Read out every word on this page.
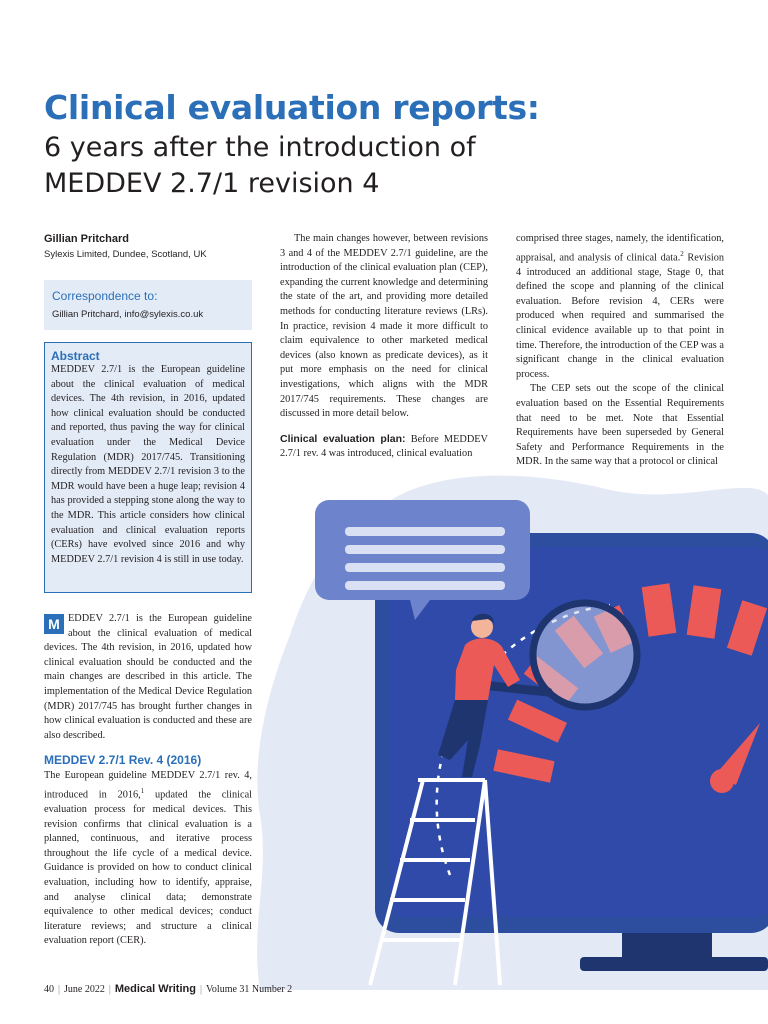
Clinical evaluation reports:
6 years after the introduction of
MEDDEV 2.7/1 revision 4
Gillian Pritchard
Sylexis Limited, Dundee, Scotland, UK
Correspondence to:
Gillian Pritchard, info@sylexis.co.uk
Abstract
MEDDEV 2.7/1 is the European guideline about the clinical evaluation of medical devices. The 4th revision, in 2016, updated how clinical evaluation should be conducted and reported, thus paving the way for clinical evaluation under the Medical Device Regulation (MDR) 2017/745. Transitioning directly from MEDDEV 2.7/1 revision 3 to the MDR would have been a huge leap; revision 4 has provided a stepping stone along the way to the MDR. This article considers how clinical evaluation and clinical evaluation reports (CERs) have evolved since 2016 and why MEDDEV 2.7/1 revision 4 is still in use today.
M EDDEV 2.7/1 is the European guideline about the clinical evaluation of medical devices. The 4th revision, in 2016, updated how clinical evaluation should be conducted and the main changes are described in this article. The implementation of the Medical Device Regulation (MDR) 2017/745 has brought further changes in how clinical evaluation is conducted and these are also described.
MEDDEV 2.7/1 Rev. 4 (2016)
The European guideline MEDDEV 2.7/1 rev. 4, introduced in 2016,$^1$ updated the clinical evaluation process for medical devices. This revision confirms that clinical evaluation is a planned, continuous, and iterative process throughout the life cycle of a medical device. Guidance is provided on how to conduct clinical evaluation, including how to identify, appraise, and analyse clinical data; demonstrate equivalence to other medical devices; conduct literature reviews; and structure a clinical evaluation report (CER).
The main changes however, between revisions 3 and 4 of the MEDDEV 2.7/1 guideline, are the introduction of the clinical evaluation plan (CEP), expanding the current knowledge and determining the state of the art, and providing more detailed methods for conducting literature reviews (LRs). In practice, revision 4 made it more difficult to claim equivalence to other marketed medical devices (also known as predicate devices), as it put more emphasis on the need for clinical investigations, which aligns with the MDR 2017/745 requirements. These changes are discussed in more detail below.
Clinical evaluation plan: Before MEDDEV 2.7/1 rev. 4 was introduced, clinical evaluation
comprised three stages, namely, the identification, appraisal, and analysis of clinical data.$^2$ Revision 4 introduced an additional stage, Stage 0, that defined the scope and planning of the clinical evaluation. Before revision 4, CERs were produced when required and summarised the clinical evidence available up to that point in time. Therefore, the introduction of the CEP was a significant change in the clinical evaluation process.
The CEP sets out the scope of the clinical evaluation based on the Essential Requirements that need to be met. Note that Essential Requirements have been superseded by General Safety and Performance Requirements in the MDR. In the same way that a protocol or clinical
40 | June 2022 | Medical Writing | Volume 31 Number 2
